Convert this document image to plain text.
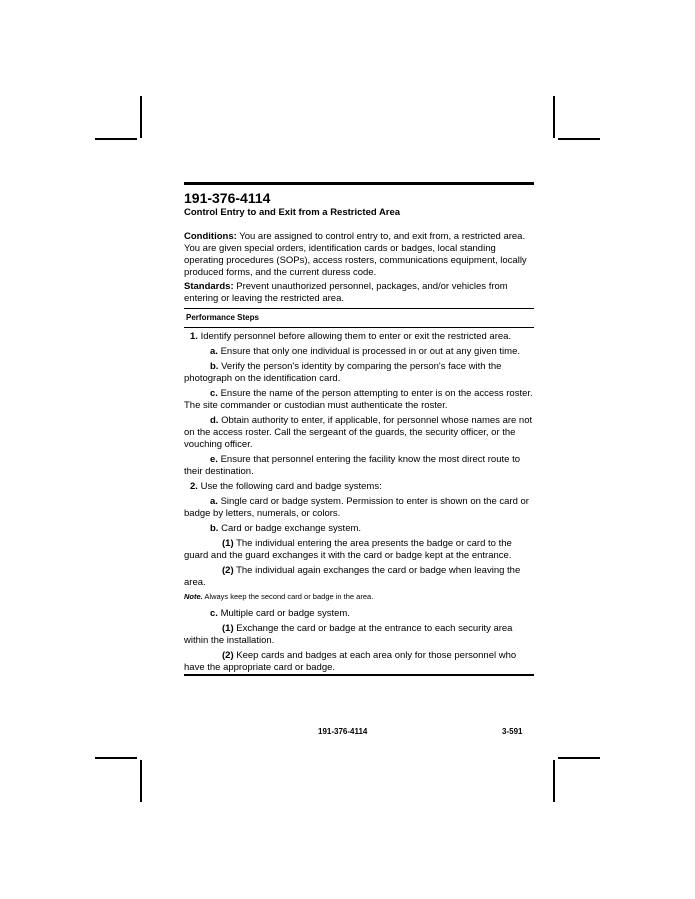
191-376-4114
Control Entry to and Exit from a Restricted Area

Conditions: You are assigned to control entry to, and exit from, a restricted area. You are given special orders, identification cards or badges, local standing operating procedures (SOPs), access rosters, communications equipment, locally produced forms, and the current duress code.

Standards: Prevent unauthorized personnel, packages, and/or vehicles from entering or leaving the restricted area.

Performance Steps

1. Identify personnel before allowing them to enter or exit the restricted area.

a. Ensure that only one individual is processed in or out at any given time.

b. Verify the person's identity by comparing the person's face with the photograph on the identification card.

c. Ensure the name of the person attempting to enter is on the access roster. The site commander or custodian must authenticate the roster.

d. Obtain authority to enter, if applicable, for personnel whose names are not on the access roster. Call the sergeant of the guards, the security officer, or the vouching officer.

e. Ensure that personnel entering the facility know the most direct route to their destination.

2. Use the following card and badge systems:

a. Single card or badge system. Permission to enter is shown on the card or badge by letters, numerals, or colors.

b. Card or badge exchange system.

(1) The individual entering the area presents the badge or card to the guard and the guard exchanges it with the card or badge kept at the entrance.

(2) The individual again exchanges the card or badge when leaving the area.

Note. Always keep the second card or badge in the area.

c. Multiple card or badge system.

(1) Exchange the card or badge at the entrance to each security area within the installation.

(2) Keep cards and badges at each area only for those personnel who have the appropriate card or badge.

191-376-4114	3-591
